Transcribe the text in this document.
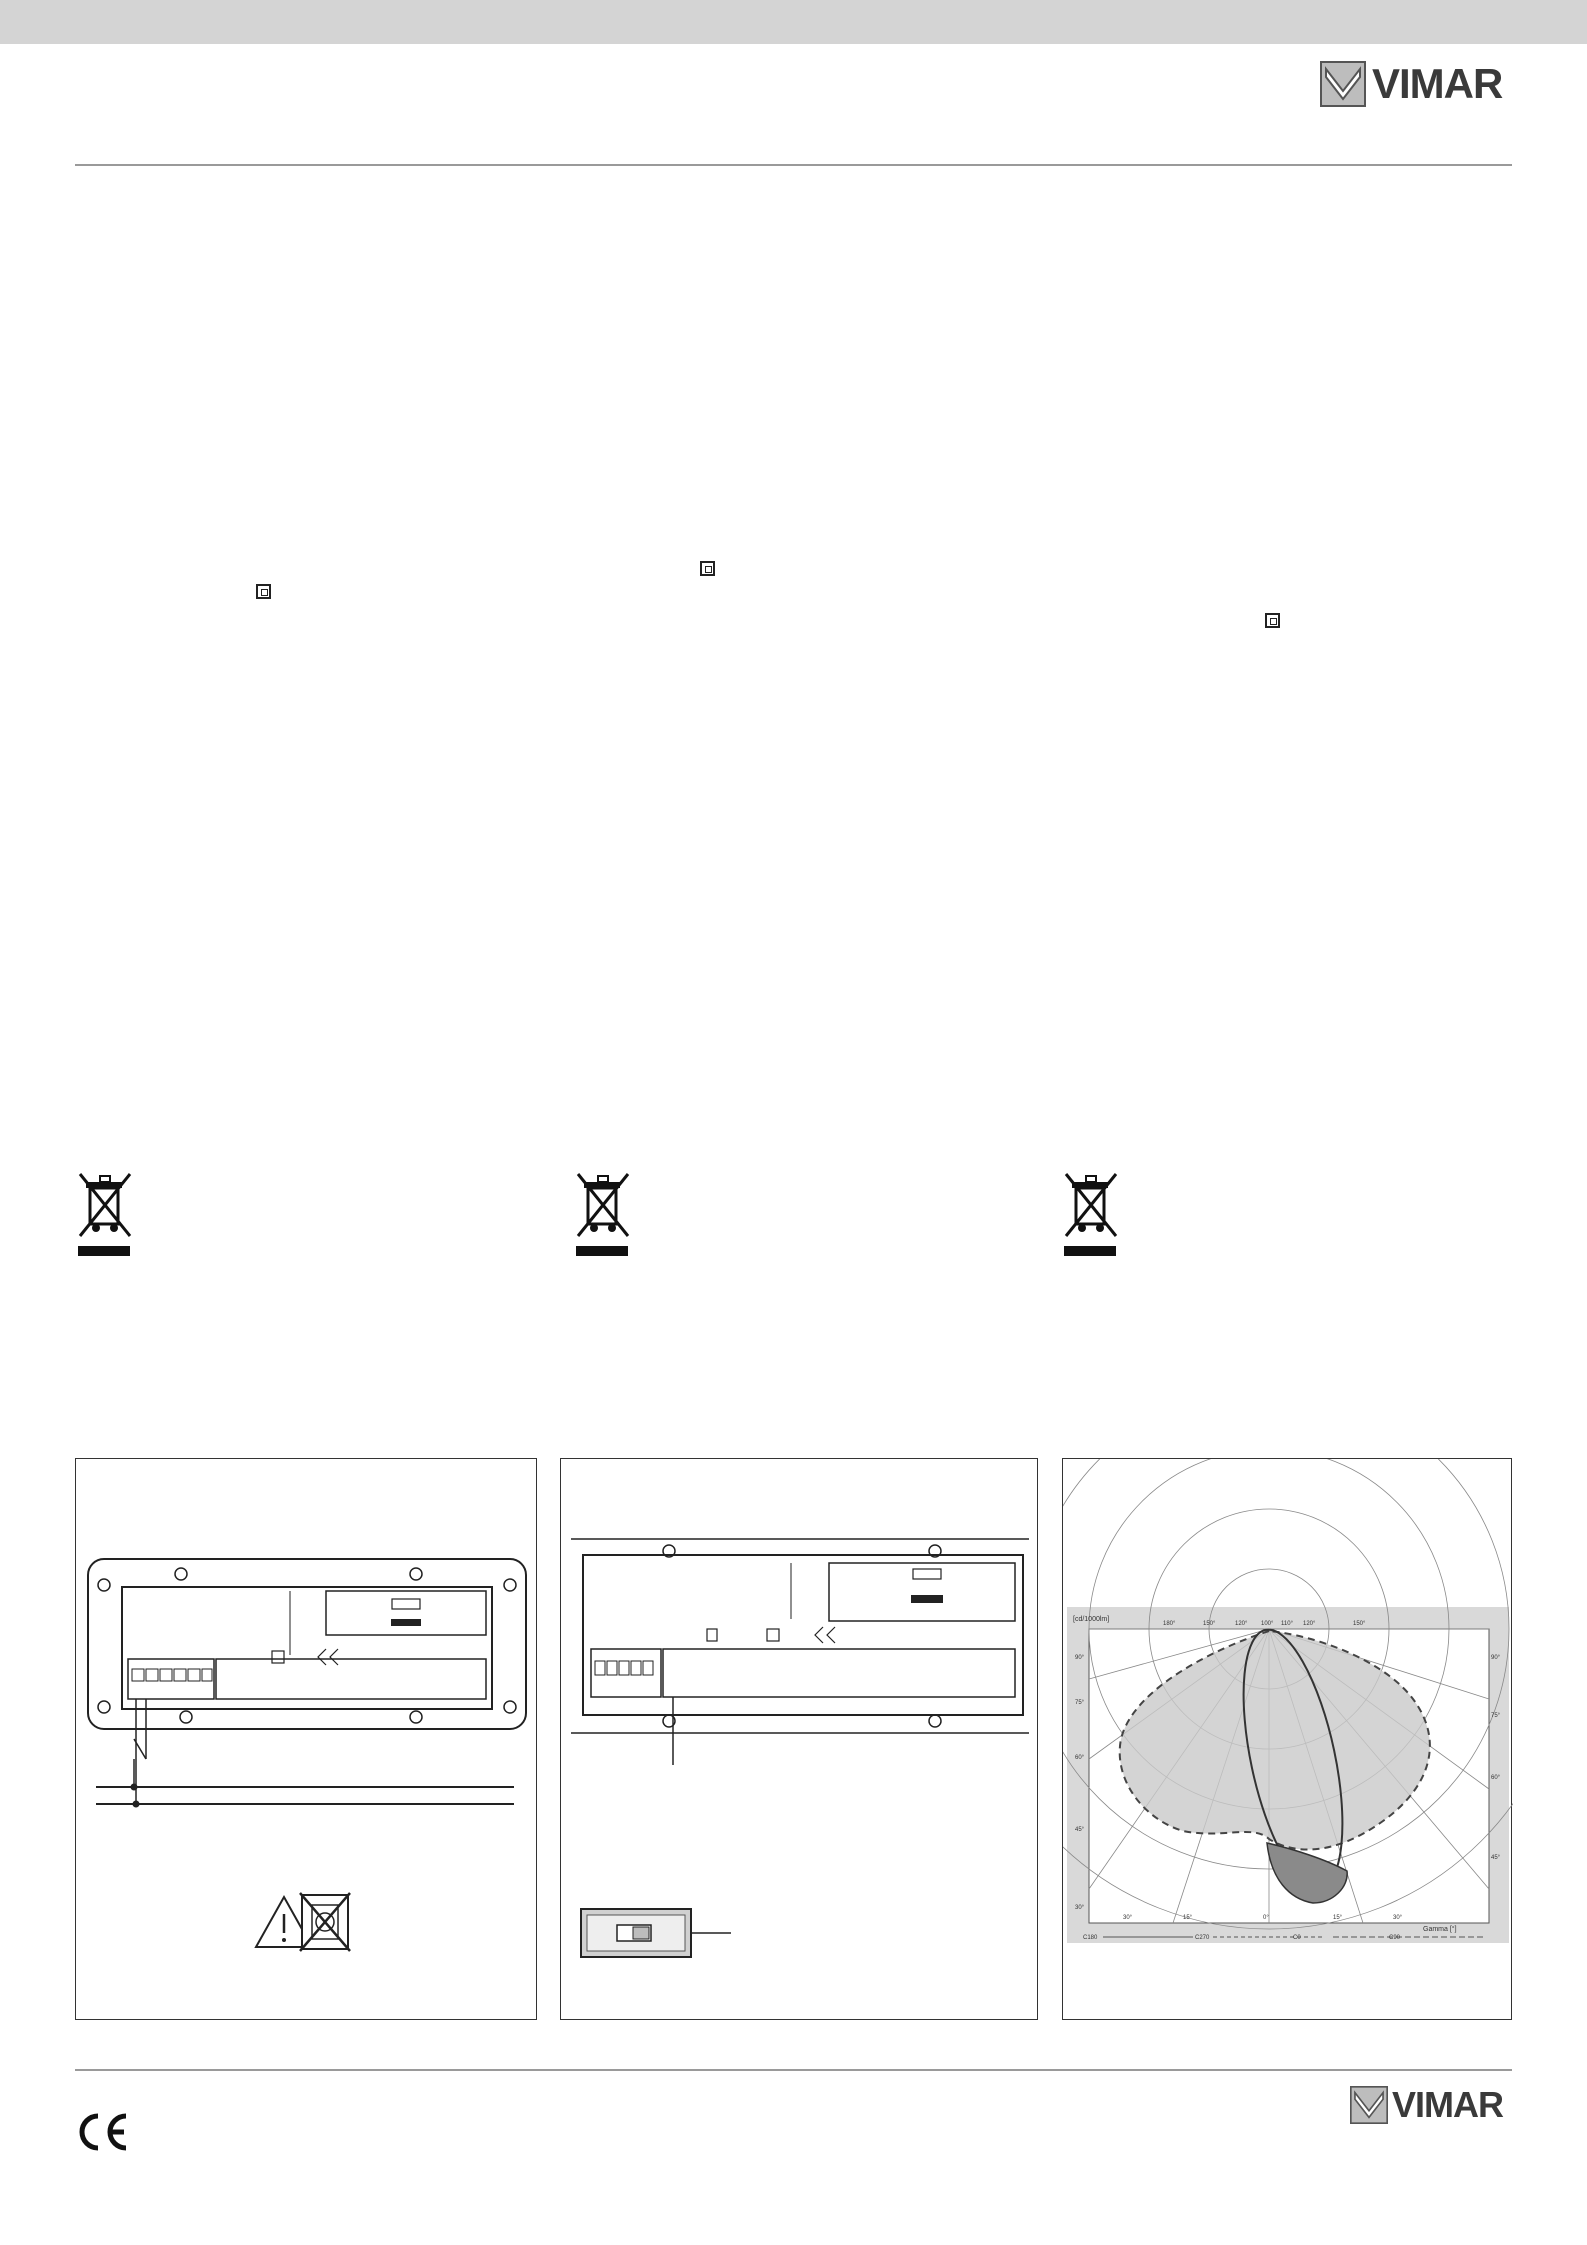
VIMAR
[cd/1000lm]
Gamma [°]
180°	150°	120° 100° 110° 120°	150°
90°
75°
60°
45°
30°
90°
75°
60°
45°
30°	15°	0°	15°	30°
C180	C270	C0	C90
VIMAR
